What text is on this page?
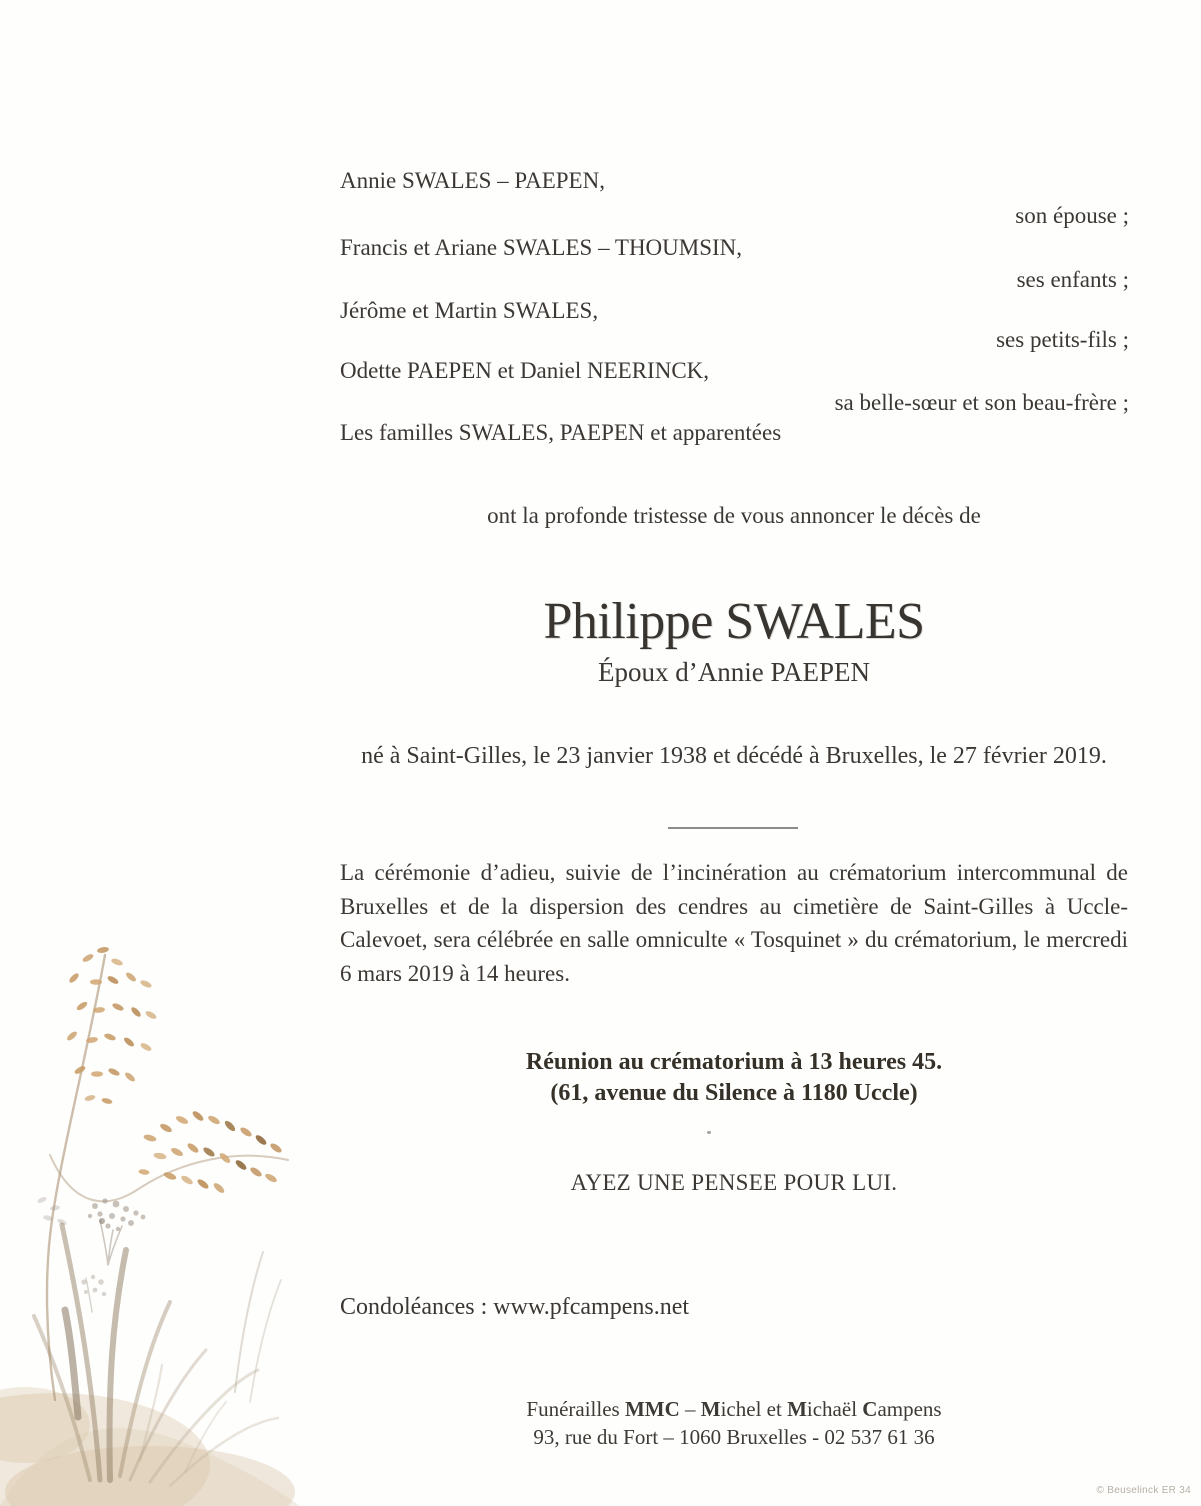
Annie SWALES – PAEPEN,
son épouse ;
Francis et Ariane SWALES – THOUMSIN,
ses enfants ;
Jérôme et Martin SWALES,
ses petits-fils ;
Odette PAEPEN et Daniel NEERINCK,
sa belle-sœur et son beau-frère ;
Les familles SWALES, PAEPEN et apparentées
ont la profonde tristesse de vous annoncer le décès de
Philippe SWALES
Époux d’Annie PAEPEN
né à Saint-Gilles, le 23 janvier 1938 et décédé à Bruxelles, le 27 février 2019.
La cérémonie d’adieu, suivie de l’incinération au crématorium intercommunal de Bruxelles et de la dispersion des cendres au cimetière de Saint-Gilles à Uccle-Calevoet, sera célébrée en salle omniculte « Tosquinet » du crématorium, le mercredi 6 mars 2019 à 14 heures.
Réunion au crématorium à 13 heures 45.
(61, avenue du Silence à 1180 Uccle)
AYEZ UNE PENSEE POUR LUI.
Condoléances : www.pfcampens.net
Funérailles MMC – Michel et Michaël Campens
93, rue du Fort – 1060 Bruxelles - 02 537 61 36
© Beuselinck ER 34
